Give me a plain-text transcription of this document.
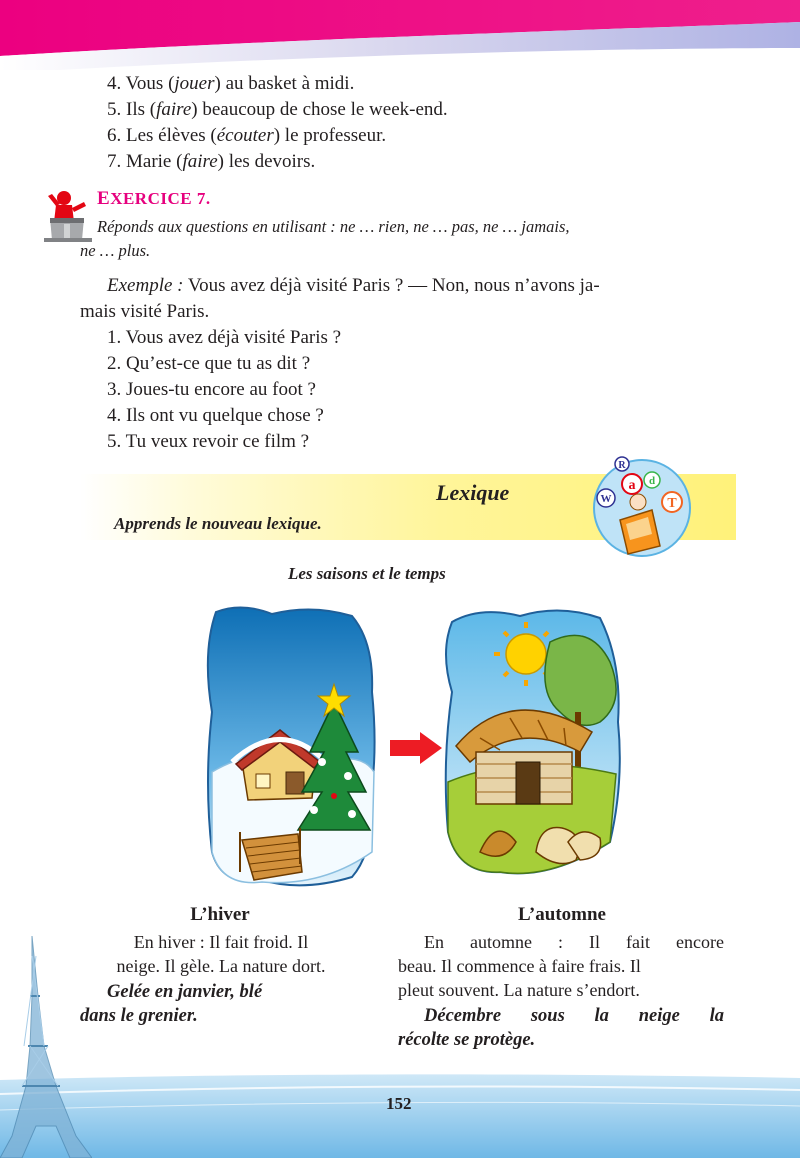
4. Vous (jouer) au basket à midi.
5. Ils (faire) beaucoup de chose le week-end.
6. Les élèves (écouter) le professeur.
7. Marie (faire) les devoirs.
EXERCICE 7.
Réponds aux questions en utilisant : ne … rien, ne … pas, ne … jamais,
ne … plus.
Exemple : Vous avez déjà visité Paris ? — Non, nous n’avons ja-
mais visité Paris.
1. Vous avez déjà visité Paris ?
2. Qu’est-ce que tu as dit ?
3. Joues-tu encore au foot ?
4. Ils ont vu quelque chose ?
5. Tu veux revoir ce film ?
Lexique
Apprends le nouveau lexique.
a
R
d
T
W
Les saisons et le temps
L’hiver
En hiver : Il fait froid. Il
neige. Il gèle. La nature dort.
Gelée en janvier, blé
dans le grenier.
L’automne
En automne : Il fait encore
beau. Il commence à faire frais. Il
pleut souvent. La nature s’endort.
Décembre sous la neige la
récolte se protège.
152
